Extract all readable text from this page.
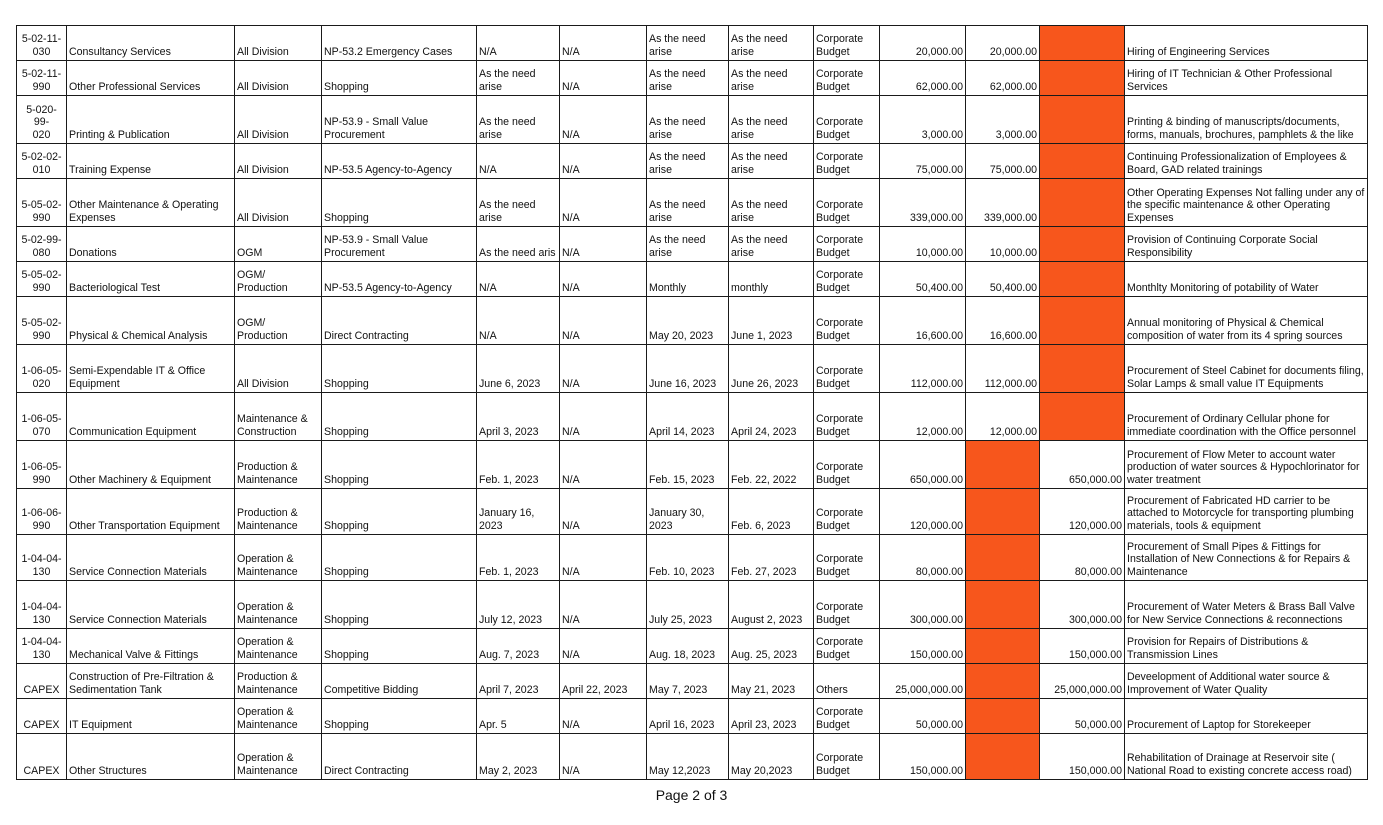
5-02-11-
030	Consultancy Services	All Division	NP-53.2 Emergency Cases	N/A	N/A	As the need
arise	As the need
arise	Corporate
Budget	20,000.00	20,000.00		Hiring of Engineering Services
5-02-11-
990	Other Professional Services	All Division	Shopping	As the need
arise	N/A	As the need
arise	As the need
arise	Corporate
Budget	62,000.00	62,000.00		Hiring of IT Technician & Other Professional Services
5-020-99-
020	Printing & Publication	All Division	NP-53.9 - Small Value
Procurement	As the need
arise	N/A	As the need
arise	As the need
arise	Corporate
Budget	3,000.00	3,000.00		Printing & binding of manuscripts/documents, forms, manuals, brochures, pamphlets & the like
5-02-02-
010	Training Expense	All Division	NP-53.5 Agency-to-Agency	N/A	N/A	As the need
arise	As the need
arise	Corporate
Budget	75,000.00	75,000.00		Continuing Professionalization of Employees & Board, GAD related trainings
5-05-02-
990	Other Maintenance & Operating Expenses	All Division	Shopping	As the need
arise	N/A	As the need
arise	As the need
arise	Corporate
Budget	339,000.00	339,000.00		Other Operating Expenses Not falling under any of the specific maintenance & other Operating Expenses
5-02-99-
080	Donations	OGM	NP-53.9 - Small Value
Procurement	As the need aris	N/A	As the need
arise	As the need
arise	Corporate
Budget	10,000.00	10,000.00		Provision of Continuing Corporate Social Responsibility
5-05-02-
990	Bacteriological Test	OGM/
Production	NP-53.5 Agency-to-Agency	N/A	N/A	Monthly	monthly	Corporate
Budget	50,400.00	50,400.00		Monthlty Monitoring of potability of Water
5-05-02-
990	Physical & Chemical Analysis	OGM/
Production	Direct Contracting	N/A	N/A	May 20, 2023	June 1, 2023	Corporate
Budget	16,600.00	16,600.00		Annual monitoring of Physical & Chemical composition of water from its 4 spring sources
1-06-05-
020	Semi-Expendable IT & Office Equipment	All Division	Shopping	June 6, 2023	N/A	June 16, 2023	June 26, 2023	Corporate
Budget	112,000.00	112,000.00		Procurement of Steel Cabinet for documents filing, Solar Lamps & small value IT Equipments
1-06-05-
070	Communication Equipment	Maintenance &
Construction	Shopping	April 3, 2023	N/A	April 14, 2023	April 24, 2023	Corporate
Budget	12,000.00	12,000.00		Procurement of Ordinary Cellular phone for immediate coordination with the Office personnel
1-06-05-
990	Other Machinery & Equipment	Production &
Maintenance	Shopping	Feb. 1, 2023	N/A	Feb. 15, 2023	Feb. 22, 2022	Corporate
Budget	650,000.00		650,000.00	Procurement of Flow Meter to account water production of water sources & Hypochlorinator for water treatment
1-06-06-
990	Other Transportation Equipment	Production &
Maintenance	Shopping	January 16,
2023	N/A	January 30,
2023	Feb. 6, 2023	Corporate
Budget	120,000.00		120,000.00	Procurement of Fabricated HD carrier to be attached to Motorcycle for transporting plumbing materials, tools & equipment
1-04-04-
130	Service Connection Materials	Operation &
Maintenance	Shopping	Feb. 1, 2023	N/A	Feb. 10, 2023	Feb. 27, 2023	Corporate
Budget	80,000.00		80,000.00	Procurement of Small Pipes & Fittings for Installation of New Connections & for Repairs & Maintenance
1-04-04-
130	Service Connection Materials	Operation &
Maintenance	Shopping	July 12, 2023	N/A	July 25, 2023	August 2, 2023	Corporate
Budget	300,000.00		300,000.00	Procurement of Water Meters & Brass Ball Valve for New Service Connections & reconnections
1-04-04-
130	Mechanical Valve & Fittings	Operation &
Maintenance	Shopping	Aug. 7, 2023	N/A	Aug. 18, 2023	Aug. 25, 2023	Corporate
Budget	150,000.00		150,000.00	Provision for Repairs of Distributions & Transmission Lines
CAPEX	Construction of Pre-Filtration & Sedimentation Tank	Production &
Maintenance	Competitive Bidding	April 7, 2023	April 22, 2023	May 7, 2023	May 21, 2023	Others	25,000,000.00		25,000,000.00	Deveelopment of Additional water source & Improvement of Water Quality
CAPEX	IT Equipment	Operation &
Maintenance	Shopping	Apr. 5	N/A	April 16, 2023	April 23, 2023	Corporate
Budget	50,000.00		50,000.00	Procurement of Laptop for Storekeeper
CAPEX	Other Structures	Operation &
Maintenance	Direct Contracting	May 2, 2023	N/A	May 12,2023	May 20,2023	Corporate
Budget	150,000.00		150,000.00	Rehabilitation of Drainage at Reservoir site ( National Road to existing concrete access road)
Page 2 of 3
